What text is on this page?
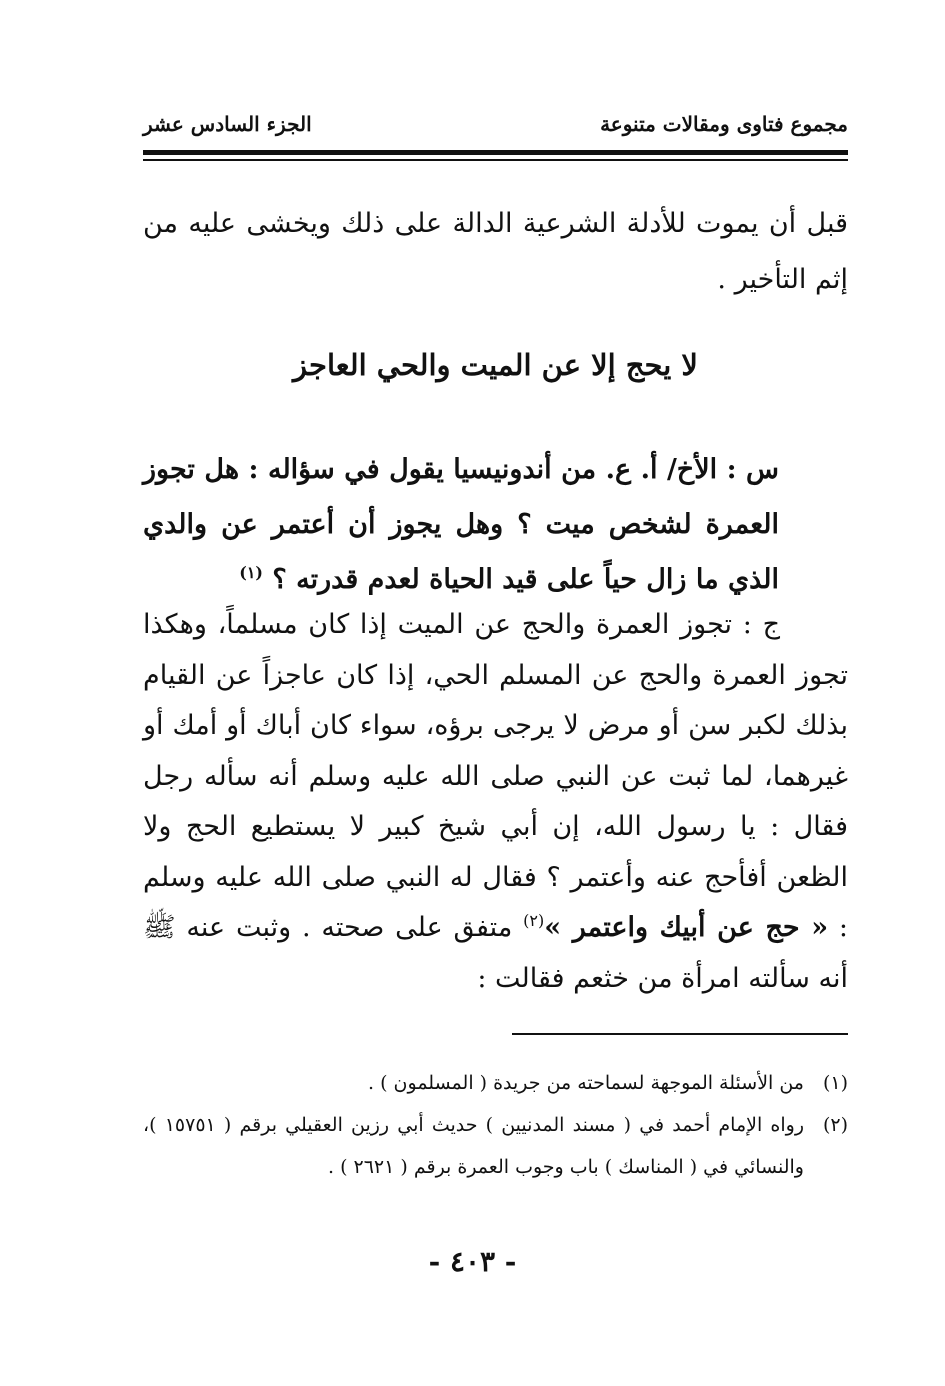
مجموع فتاوى ومقالات متنوعة
الجزء السادس عشر

قبل أن يموت للأدلة الشرعية الدالة على ذلك ويخشى عليه من إثم التأخير .

لا يحج إلا عن الميت والحي العاجز

س : الأخ/ أ. ع. من أندونيسيا يقول في سؤاله : هل تجوز العمرة لشخص ميت ؟ وهل يجوز أن أعتمر عن والدي الذي ما زال حياً على قيد الحياة لعدم قدرته ؟ $^{(١)}$

ج : تجوز العمرة والحج عن الميت إذا كان مسلماً، وهكذا تجوز العمرة والحج عن المسلم الحي، إذا كان عاجزاً عن القيام بذلك لكبر سن أو مرض لا يرجى برؤه، سواء كان أباك أو أمك أو غيرهما، لما ثبت عن النبي صلى الله عليه وسلم أنه سأله رجل فقال : يا رسول الله، إن أبي شيخ كبير لا يستطيع الحج ولا الظعن أفأحج عنه وأعتمر ؟ فقال له النبي صلى الله عليه وسلم : « حج عن أبيك واعتمر »$^{(٢)}$ متفق على صحته . وثبت عنه ﷺ أنه سألته امرأة من خثعم فقالت :

(١)
من الأسئلة الموجهة لسماحته من جريدة ( المسلمون ) .
(٢)
رواه الإمام أحمد في ( مسند المدنيين ) حديث أبي رزين العقيلي برقم ( ١٥٧٥١ )، والنسائي في ( المناسك ) باب وجوب العمرة برقم ( ٢٦٢١ ) .
- ٤٠٣ -
